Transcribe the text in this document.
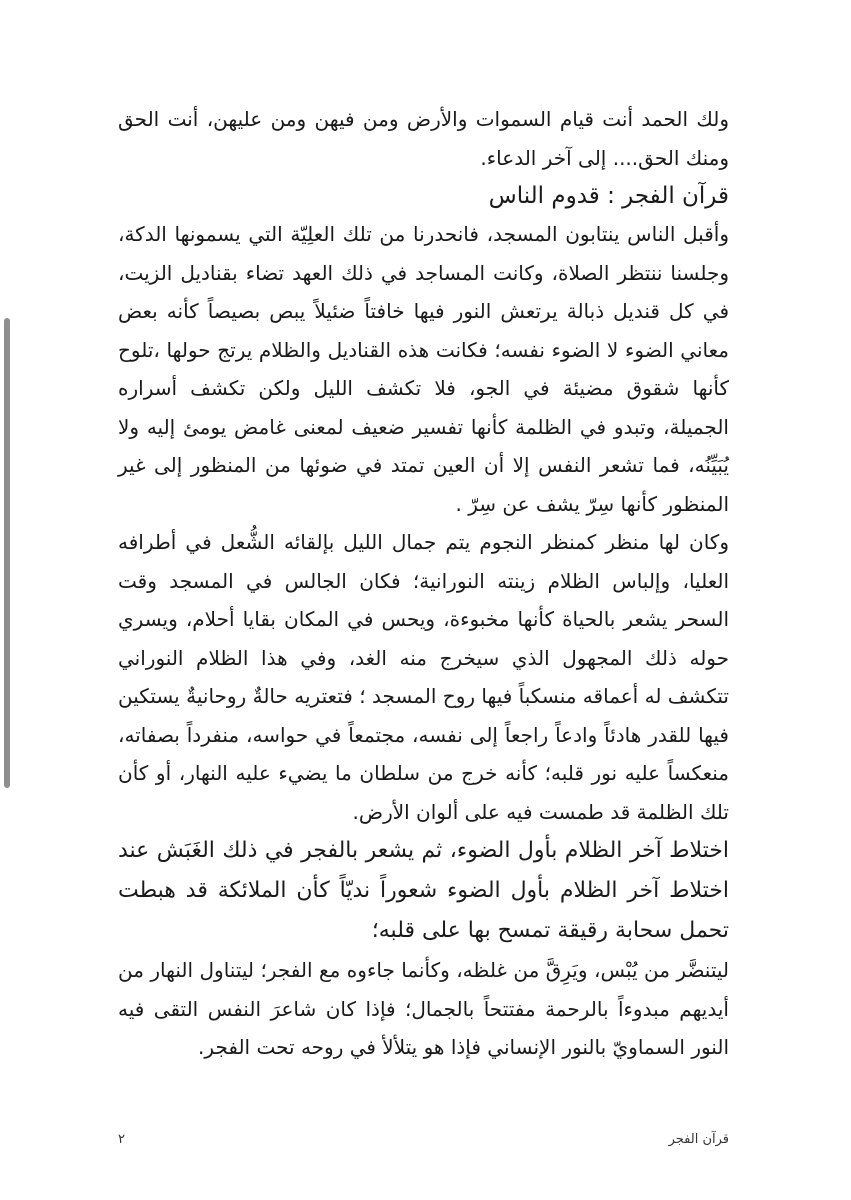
ولك الحمد أنت قيام السموات والأرض ومن فيهن ومن عليهن، أنت الحق ومنك الحق.... إلى آخر الدعاء.

قرآن الفجر : قدوم الناس

وأقبل الناس ينتابون المسجد، فانحدرنا من تلك العلِيّة التي يسمونها الدكة، وجلسنا ننتظر الصلاة، وكانت المساجد في ذلك العهد تضاء بقناديل الزيت، في كل قنديل ذبالة يرتعش النور فيها خافتاً ضئيلاً يبص بصيصاً كأنه بعض معاني الضوء لا الضوء نفسه؛ فكانت هذه القناديل والظلام يرتج حولها ،تلوح كأنها شقوق مضيئة في الجو، فلا تكشف الليل ولكن تكشف أسراره الجميلة، وتبدو في الظلمة كأنها تفسير ضعيف لمعنى غامض يومئ إليه ولا يُبَيِّنُه، فما تشعر النفس إلا أن العين تمتد في ضوئها من المنظور إلى غير المنظور كأنها سِرّ يشف عن سِرّ .

وكان لها منظر كمنظر النجوم يتم جمال الليل بإلقائه الشُّعل في أطرافه العليا، وإلباس الظلام زينته النورانية؛ فكان الجالس في المسجد وقت السحر يشعر بالحياة كأنها مخبوءة، ويحس في المكان بقايا أحلام، ويسري حوله ذلك المجهول الذي سيخرج منه الغد، وفي هذا الظلام النوراني تتكشف له أعماقه منسكباً فيها روح المسجد ؛ فتعتريه حالةٌ روحانيةٌ يستكين فيها للقدر هادئاً وادعاً راجعاً إلى نفسه، مجتمعاً في حواسه، منفرداً بصفاته، منعكساً عليه نور قلبه؛ كأنه خرج من سلطان ما يضيء عليه النهار، أو كأن تلك الظلمة قد طمست فيه على ألوان الأرض.

اختلاط آخر الظلام بأول الضوء، ثم يشعر بالفجر في ذلك الغَبَش عند اختلاط آخر الظلام بأول الضوء شعوراً نديّاً كأن الملائكة قد هبطت تحمل سحابة رقيقة تمسح بها على قلبه؛

ليتنضَّر من يُبْس، ويَرِقَّ من غلظه، وكأنما جاءوه مع الفجر؛ ليتناول النهار من أيديهم مبدوءاً بالرحمة مفتتحاً بالجمال؛ فإذا كان شاعرَ النفس التقى فيه النور السماويّ بالنور الإنساني فإذا هو يتلألأ في روحه تحت الفجر.

قرآن الفجر
٢
